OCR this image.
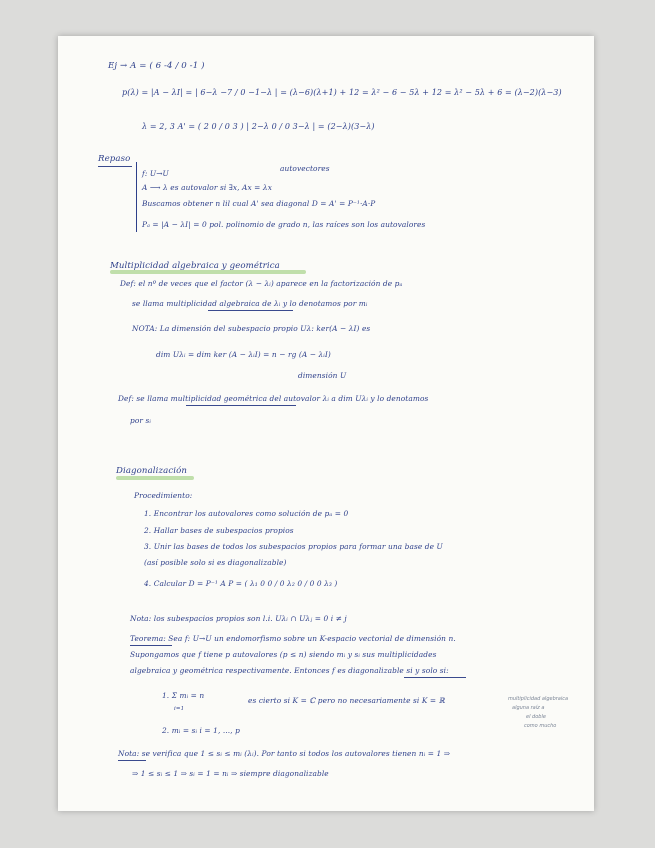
Ej → A = ( 6 -4 / 0 -1 )
p(λ) = |A − λI| = | 6−λ −7 / 0 −1−λ | = (λ−6)(λ+1) + 12 = λ² − 6 − 5λ + 12 = λ² − 5λ + 6 = (λ−2)(λ−3)
λ = 2, 3 A' = ( 2 0 / 0 3 ) | 2−λ 0 / 0 3−λ | = (2−λ)(3−λ)
Repaso
autovectores
f: U→U
A ⟶ λ es autovalor si ∃x, Ax = λx
Buscamos obtener n lil cual A' sea diagonal D = A' = P⁻¹·A·P
Pₐ = |A − λI| = 0 pol. polinomio de grado n, las raíces son los autovalores
Multiplicidad algebraica y geométrica
Def: el nº de veces que el factor (λ − λᵢ) aparece en la factorización de pₐ
se llama multiplicidad algebraica de λᵢ y lo denotamos por mᵢ
NOTA: La dimensión del subespacio propio Uλ: ker(A − λI) es
dim Uλᵢ = dim ker (A − λᵢI) = n − rg (A − λᵢI)
dimensión U
Def: se llama multiplicidad geométrica del autovalor λᵢ a dim Uλᵢ y lo denotamos
por sᵢ
Diagonalización
Procedimiento:
1. Encontrar los autovalores como solución de pₐ = 0
2. Hallar bases de subespacios propios
3. Unir las bases de todos los subespacios propios para formar una base de U
(así posible solo si es diagonalizable)
4. Calcular D = P⁻¹ A P = ( λ₁ 0 0 / 0 λ₂ 0 / 0 0 λ₃ )
Nota: los subespacios propios son l.i. Uλᵢ ∩ Uλⱼ = 0 i ≠ j
Teorema: Sea f: U→U un endomorfismo sobre un K-espacio vectorial de dimensión n.
Supongamos que f tiene p autovalores (p ≤ n) siendo mᵢ y sᵢ sus multiplicidades
algebraica y geométrica respectivamente. Entonces f es diagonalizable si y solo si:
1. Σ mᵢ = n
i=1
es cierto si K = ℂ pero no necesariamente si K = ℝ
2. mᵢ = sᵢ i = 1, ..., p
multiplicidad algebraica
alguna raíz a
el doble
como mucho
Nota: se verifica que 1 ≤ sᵢ ≤ mᵢ (λᵢ). Por tanto si todos los autovalores tienen nᵢ = 1 ⇒
⇒ 1 ≤ sᵢ ≤ 1 ⇒ sᵢ = 1 = nᵢ ⇒ siempre diagonalizable
